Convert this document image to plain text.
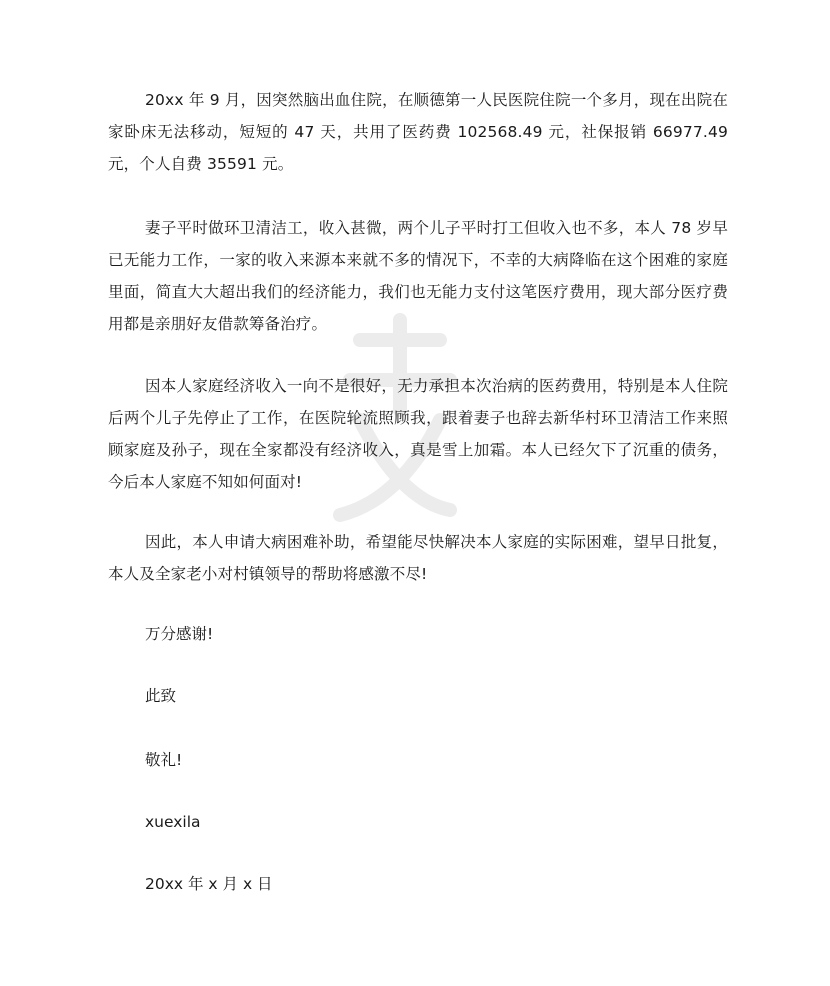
20xx 年 9 月，因突然脑出血住院，在顺德第一人民医院住院一个多月，现在出院在家卧床无法移动，短短的 47 天，共用了医药费 102568.49 元，社保报销 66977.49 元，个人自费 35591 元。

妻子平时做环卫清洁工，收入甚微，两个儿子平时打工但收入也不多，本人 78 岁早已无能力工作，一家的收入来源本来就不多的情况下，不幸的大病降临在这个困难的家庭里面，简直大大超出我们的经济能力，我们也无能力支付这笔医疗费用，现大部分医疗费用都是亲朋好友借款筹备治疗。

因本人家庭经济收入一向不是很好，无力承担本次治病的医药费用，特别是本人住院后两个儿子先停止了工作，在医院轮流照顾我，跟着妻子也辞去新华村环卫清洁工作来照顾家庭及孙子，现在全家都没有经济收入，真是雪上加霜。本人已经欠下了沉重的债务，今后本人家庭不知如何面对!

因此，本人申请大病困难补助，希望能尽快解决本人家庭的实际困难，望早日批复，本人及全家老小对村镇领导的帮助将感激不尽!

万分感谢!

此致

敬礼!

xuexila

20xx 年 x 月 x 日
